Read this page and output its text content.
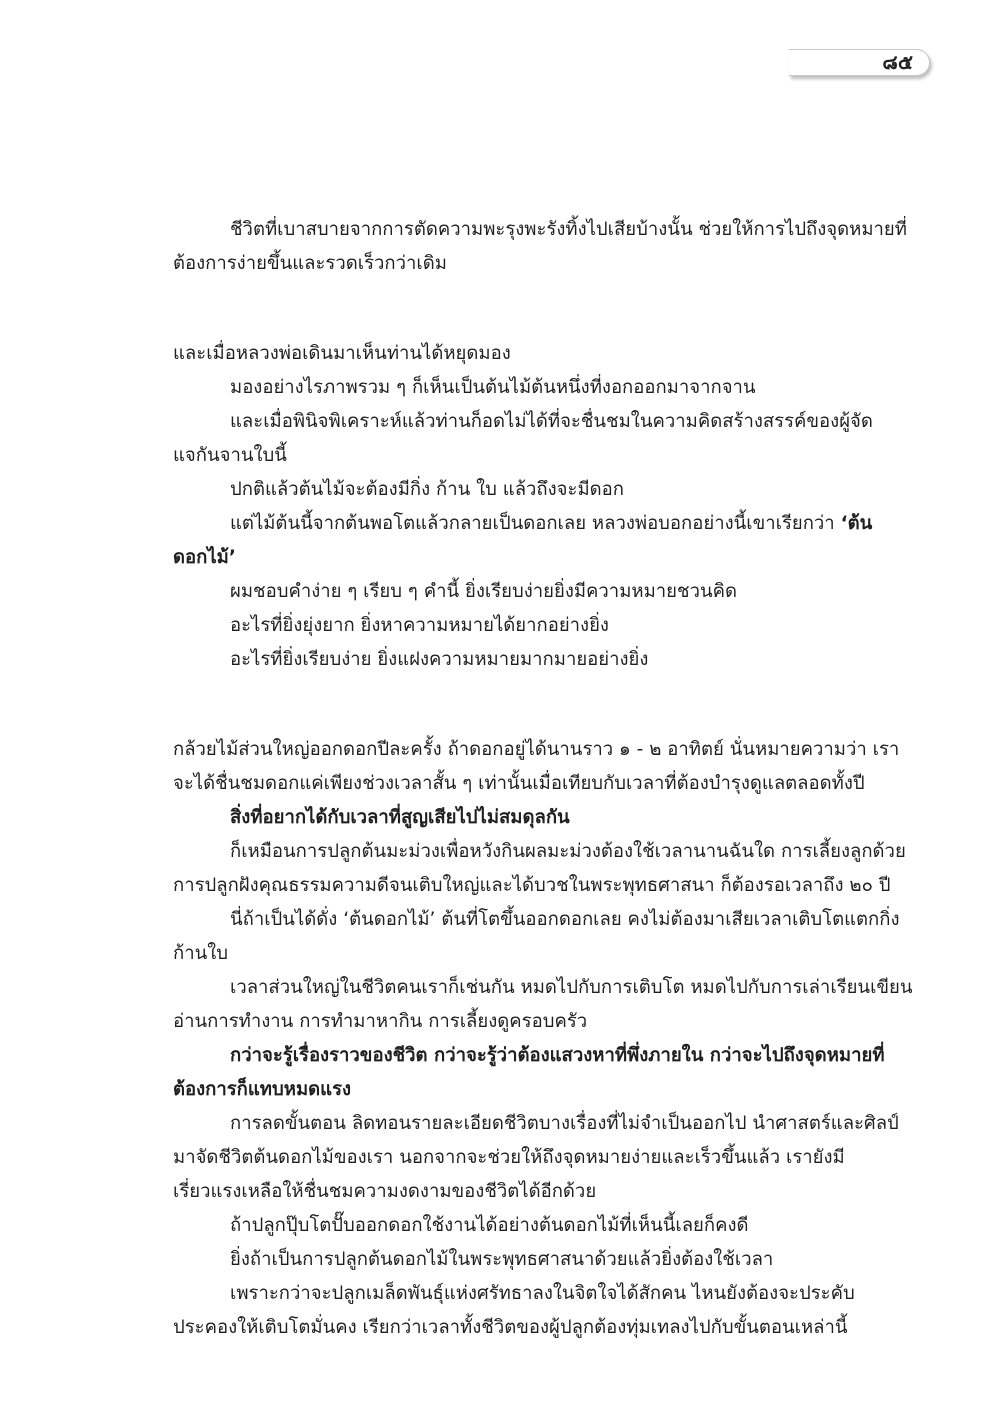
๘๕

ชีวิตที่เบาสบายจากการตัดความพะรุงพะรังทิ้งไปเสียบ้างนั้น ช่วยให้การไปถึงจุดหมายที่ต้องการง่ายขึ้นและรวดเร็วกว่าเดิม

และเมื่อหลวงพ่อเดินมาเห็นท่านได้หยุดมอง

มองอย่างไรภาพรวม ๆ ก็เห็นเป็นต้นไม้ต้นหนึ่งที่งอกออกมาจากจาน

และเมื่อพินิจพิเคราะห์แล้วท่านก็อดไม่ได้ที่จะชื่นชมในความคิดสร้างสรรค์ของผู้จัดแจกันจานใบนี้

ปกติแล้วต้นไม้จะต้องมีกิ่ง ก้าน ใบ แล้วถึงจะมีดอก

แต่ไม้ต้นนี้จากต้นพอโตแล้วกลายเป็นดอกเลย หลวงพ่อบอกอย่างนี้เขาเรียกว่า ‘ต้นดอกไม้’

ผมชอบคำง่าย ๆ เรียบ ๆ คำนี้ ยิ่งเรียบง่ายยิ่งมีความหมายชวนคิด

อะไรที่ยิ่งยุ่งยาก ยิ่งหาความหมายได้ยากอย่างยิ่ง

อะไรที่ยิ่งเรียบง่าย ยิ่งแฝงความหมายมากมายอย่างยิ่ง

กล้วยไม้ส่วนใหญ่ออกดอกปีละครั้ง ถ้าดอกอยู่ได้นานราว ๑ - ๒ อาทิตย์ นั่นหมายความว่า เราจะได้ชื่นชมดอกแค่เพียงช่วงเวลาสั้น ๆ เท่านั้นเมื่อเทียบกับเวลาที่ต้องบำรุงดูแลตลอดทั้งปี

สิ่งที่อยากได้กับเวลาที่สูญเสียไปไม่สมดุลกัน

ก็เหมือนการปลูกต้นมะม่วงเพื่อหวังกินผลมะม่วงต้องใช้เวลานานฉันใด การเลี้ยงลูกด้วยการปลูกฝังคุณธรรมความดีจนเติบใหญ่และได้บวชในพระพุทธศาสนา ก็ต้องรอเวลาถึง ๒๐ ปี

นี่ถ้าเป็นได้ดั่ง ‘ต้นดอกไม้’ ต้นที่โตขึ้นออกดอกเลย คงไม่ต้องมาเสียเวลาเติบโตแตกกิ่งก้านใบ

เวลาส่วนใหญ่ในชีวิตคนเราก็เช่นกัน หมดไปกับการเติบโต หมดไปกับการเล่าเรียนเขียนอ่านการทำงาน การทำมาหากิน การเลี้ยงดูครอบครัว

กว่าจะรู้เรื่องราวของชีวิต กว่าจะรู้ว่าต้องแสวงหาที่พึ่งภายใน กว่าจะไปถึงจุดหมายที่ต้องการก็แทบหมดแรง

การลดขั้นตอน ลิดทอนรายละเอียดชีวิตบางเรื่องที่ไม่จำเป็นออกไป นำศาสตร์และศิลป์มาจัดชีวิตต้นดอกไม้ของเรา นอกจากจะช่วยให้ถึงจุดหมายง่ายและเร็วขึ้นแล้ว เรายังมีเรี่ยวแรงเหลือให้ชื่นชมความงดงามของชีวิตได้อีกด้วย

ถ้าปลูกปุ๊บโตปั๊บออกดอกใช้งานได้อย่างต้นดอกไม้ที่เห็นนี้เลยก็คงดี

ยิ่งถ้าเป็นการปลูกต้นดอกไม้ในพระพุทธศาสนาด้วยแล้วยิ่งต้องใช้เวลา

เพราะกว่าจะปลูกเมล็ดพันธุ์แห่งศรัทธาลงในจิตใจได้สักคน ไหนยังต้องจะประคับประคองให้เติบโตมั่นคง เรียกว่าเวลาทั้งชีวิตของผู้ปลูกต้องทุ่มเทลงไปกับขั้นตอนเหล่านี้
